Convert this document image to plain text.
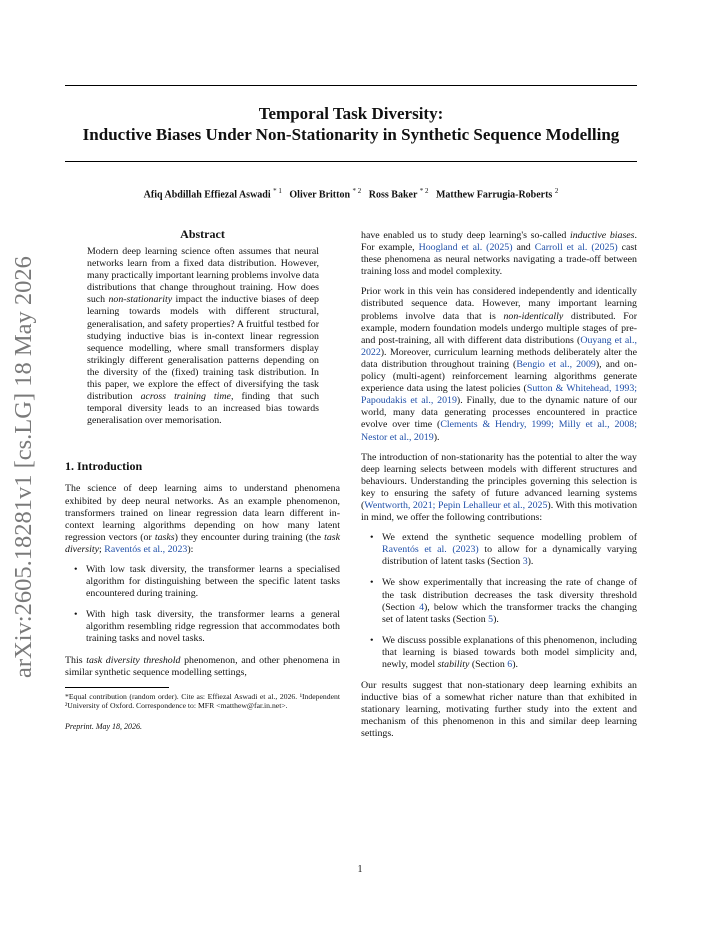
arXiv:2605.18281v1 [cs.LG] 18 May 2026
Temporal Task Diversity:
Inductive Biases Under Non-Stationarity in Synthetic Sequence Modelling
Afiq Abdillah Effiezal Aswadi $^{* 1}$ Oliver Britton $^{* 2}$ Ross Baker $^{* 2}$ Matthew Farrugia-Roberts $^2$
Abstract

Modern deep learning science often assumes that neural networks learn from a fixed data distribution. However, many practically important learning problems involve data distributions that change throughout training. How does such non-stationarity impact the inductive biases of deep learning towards models with different structural, generalisation, and safety properties? A fruitful testbed for studying inductive bias is in-context linear regression sequence modelling, where small transformers display strikingly different generalisation patterns depending on the diversity of the (fixed) training task distribution. In this paper, we explore the effect of diversifying the task distribution across training time, finding that such temporal diversity leads to an increased bias towards generalisation over memorisation.

1. Introduction

The science of deep learning aims to understand phenomena exhibited by deep neural networks. As an example phenomenon, transformers trained on linear regression data learn different in-context learning algorithms depending on how many latent regression vectors (or tasks) they encounter during training (the task diversity; Raventós et al., 2023):

• With low task diversity, the transformer learns a specialised algorithm for distinguishing between the specific latent tasks encountered during training.
• With high task diversity, the transformer learns a general algorithm resembling ridge regression that accommodates both training tasks and novel tasks.

This task diversity threshold phenomenon, and other phenomena in similar synthetic sequence modelling settings,

*Equal contribution (random order). Cite as: Effiezal Aswadi et al., 2026. ¹Independent ²University of Oxford. Correspondence to: MFR <matthew@far.in.net>.
Preprint. May 18, 2026.

have enabled us to study deep learning's so-called inductive biases. For example, Hoogland et al. (2025) and Carroll et al. (2025) cast these phenomena as neural networks navigating a trade-off between training loss and model complexity.

Prior work in this vein has considered independently and identically distributed sequence data. However, many important learning problems involve data that is non-identically distributed. For example, modern foundation models undergo multiple stages of pre- and post-training, all with different data distributions (Ouyang et al., 2022). Moreover, curriculum learning methods deliberately alter the data distribution throughout training (Bengio et al., 2009), and on-policy (multi-agent) reinforcement learning algorithms generate experience data using the latest policies (Sutton & Whitehead, 1993; Papoudakis et al., 2019). Finally, due to the dynamic nature of our world, many data generating processes encountered in practice evolve over time (Clements & Hendry, 1999; Milly et al., 2008; Nestor et al., 2019).

The introduction of non-stationarity has the potential to alter the way deep learning selects between models with different structures and behaviours. Understanding the principles governing this selection is key to ensuring the safety of future advanced learning systems (Wentworth, 2021; Pepin Lehalleur et al., 2025). With this motivation in mind, we offer the following contributions:

• We extend the synthetic sequence modelling problem of Raventós et al. (2023) to allow for a dynamically varying distribution of latent tasks (Section 3).
• We show experimentally that increasing the rate of change of the task distribution decreases the task diversity threshold (Section 4), below which the transformer tracks the changing set of latent tasks (Section 5).
• We discuss possible explanations of this phenomenon, including that learning is biased towards both model simplicity and, newly, model stability (Section 6).

Our results suggest that non-stationary deep learning exhibits an inductive bias of a somewhat richer nature than that exhibited in stationary learning, motivating further study into the extent and mechanism of this phenomenon in this and similar deep learning settings.

1
